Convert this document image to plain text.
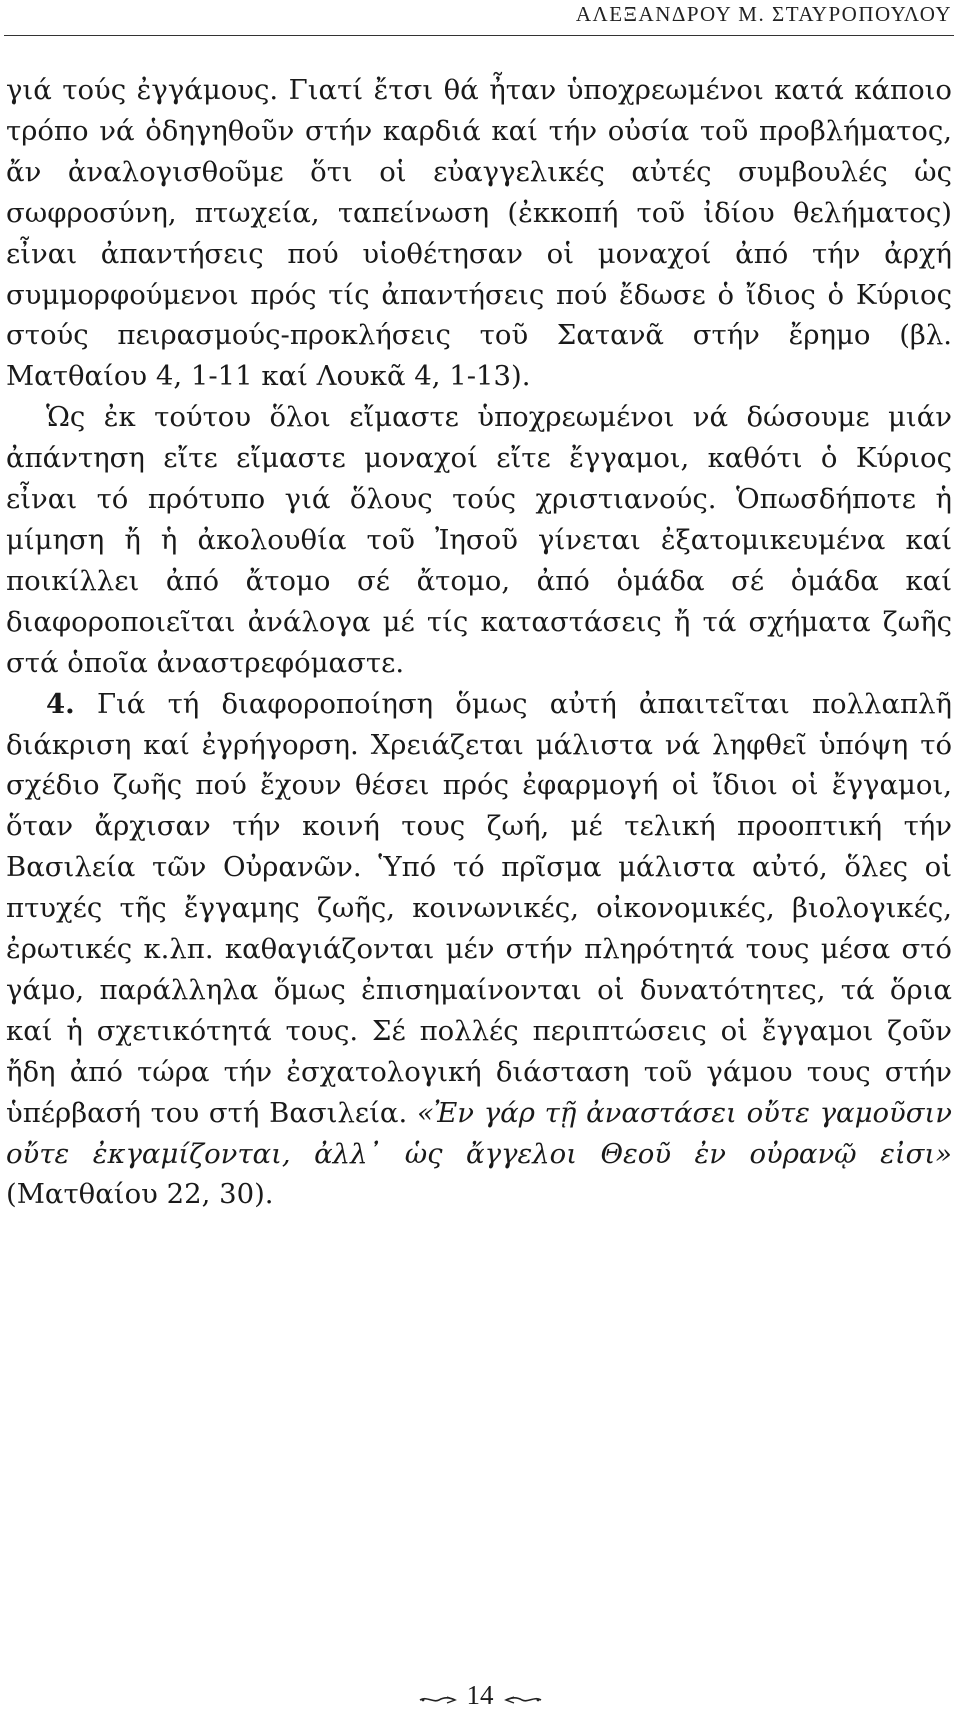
ΑΛΕΞΑΝΔΡΟΥ Μ. ΣΤΑΥΡΟΠΟΥΛΟΥ

γιά τούς ἐγγάμους. Γιατί ἔτσι θά ἦταν ὑποχρεωμένοι κατά κάποιο τρόπο νά ὁδηγηθοῦν στήν καρδιά καί τήν οὐσία τοῦ προβλήματος, ἄν ἀναλογισθοῦμε ὅτι οἱ εὐαγγελικές αὐτές συμβουλές ὡς σωφροσύνη, πτωχεία, ταπείνωση (ἐκκοπή τοῦ ἰδίου θελήματος) εἶναι ἀπαντήσεις πού υἱοθέτησαν οἱ μοναχοί ἀπό τήν ἀρχή συμμορφούμενοι πρός τίς ἀπαντήσεις πού ἔδωσε ὁ ἴδιος ὁ Κύριος στούς πειρασμούς-προκλήσεις τοῦ Σατανᾶ στήν ἔρημο (βλ. Ματθαίου 4, 1-11 καί Λουκᾶ 4, 1-13).

Ὡς ἐκ τούτου ὅλοι εἴμαστε ὑποχρεωμένοι νά δώσουμε μιάν ἀπάντηση εἴτε εἴμαστε μοναχοί εἴτε ἔγγαμοι, καθότι ὁ Κύριος εἶναι τό πρότυπο γιά ὅλους τούς χριστιανούς. Ὁπωσδήποτε ἡ μίμηση ἤ ἡ ἀκολουθία τοῦ Ἰησοῦ γίνεται ἐξατομικευμένα καί ποικίλλει ἀπό ἄτομο σέ ἄτομο, ἀπό ὁμάδα σέ ὁμάδα καί διαφοροποιεῖται ἀνάλογα μέ τίς καταστάσεις ἤ τά σχήματα ζωῆς στά ὁποῖα ἀναστρεφόμαστε.

4. Γιά τή διαφοροποίηση ὅμως αὐτή ἀπαιτεῖται πολλαπλῆ διάκριση καί ἐγρήγορση. Χρειάζεται μάλιστα νά ληφθεῖ ὑπόψη τό σχέδιο ζωῆς πού ἔχουν θέσει πρός ἐφαρμογή οἱ ἴδιοι οἱ ἔγγαμοι, ὅταν ἄρχισαν τήν κοινή τους ζωή, μέ τελική προοπτική τήν Βασιλεία τῶν Οὐρανῶν. Ὑπό τό πρῖσμα μάλιστα αὐτό, ὅλες οἱ πτυχές τῆς ἔγγαμης ζωῆς, κοινωνικές, οἰκονομικές, βιολογικές, ἐρωτικές κ.λπ. καθαγιάζονται μέν στήν πληρότητά τους μέσα στό γάμο, παράλληλα ὅμως ἐπισημαίνονται οἱ δυνατότητες, τά ὅρια καί ἡ σχετικότητά τους. Σέ πολλές περιπτώσεις οἱ ἔγγαμοι ζοῦν ἤδη ἀπό τώρα τήν ἐσχατολογική διάσταση τοῦ γάμου τους στήν ὑπέρβασή του στή Βασιλεία. «Ἐν γάρ τῇ ἀναστάσει οὔτε γαμοῦσιν οὔτε ἐκγαμίζονται, ἀλλ᾿ ὡς ἄγγελοι Θεοῦ ἐν οὐρανῷ εἰσι» (Ματθαίου 22, 30).

14
